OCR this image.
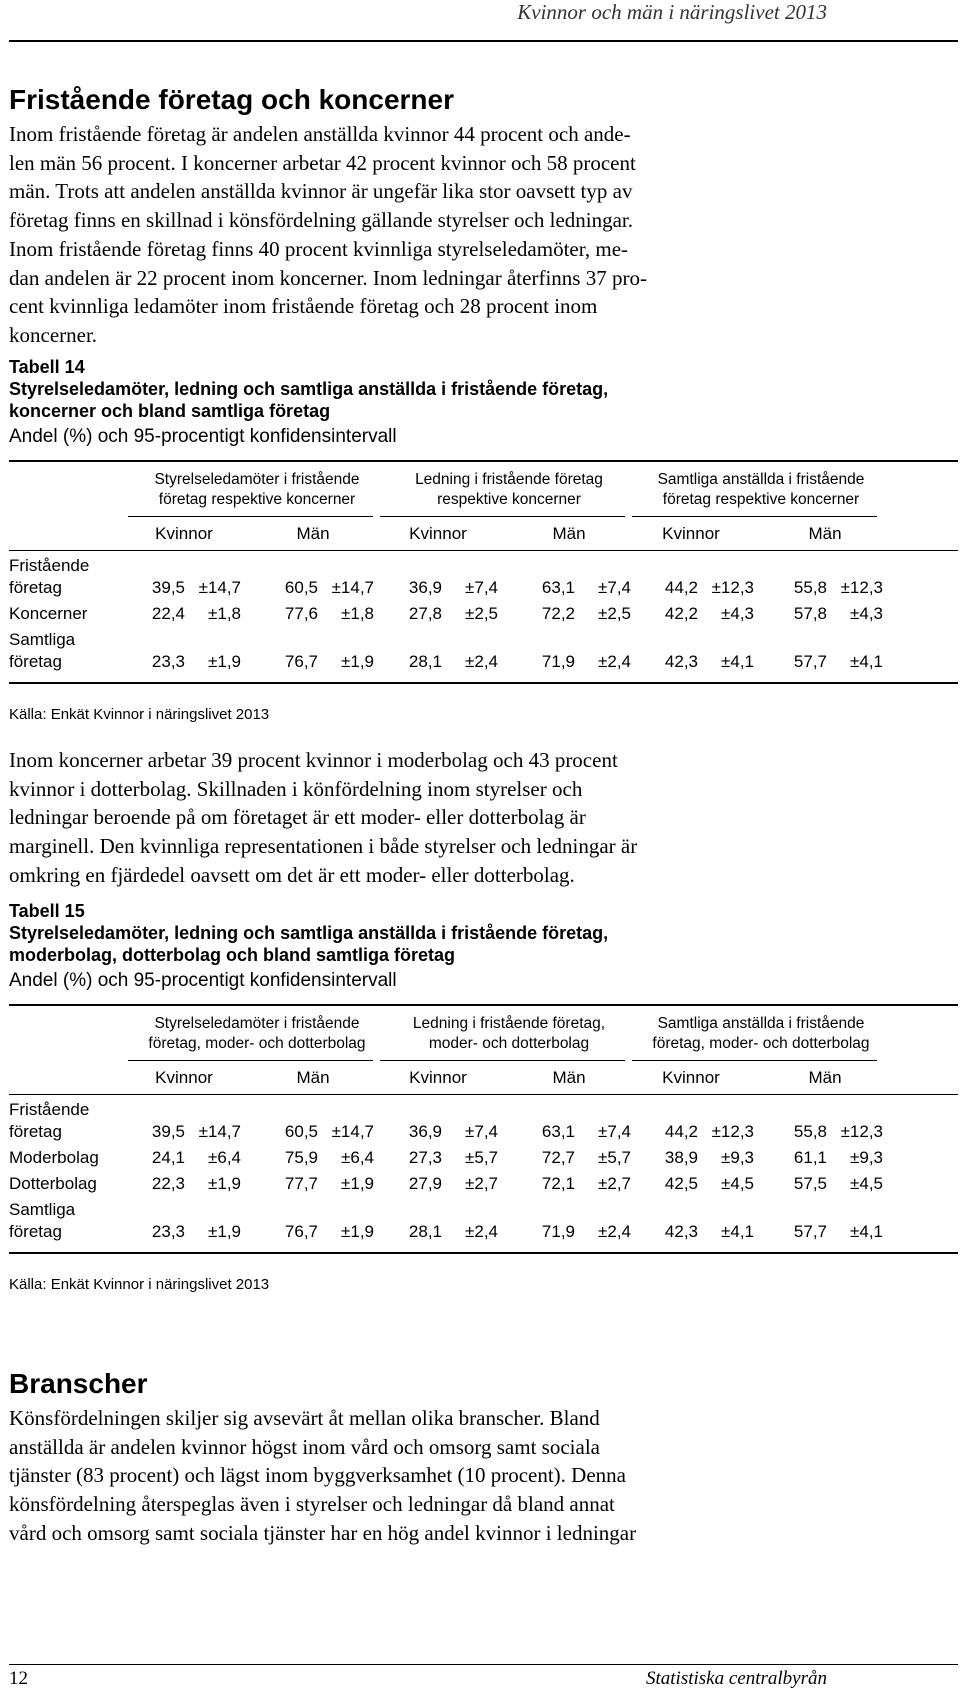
Kvinnor och män i näringslivet 2013
Fristående företag och koncerner
Inom fristående företag är andelen anställda kvinnor 44 procent och ande-
len män 56 procent. I koncerner arbetar 42 procent kvinnor och 58 procent
män. Trots att andelen anställda kvinnor är ungefär lika stor oavsett typ av
företag finns en skillnad i könsfördelning gällande styrelser och ledningar.
Inom fristående företag finns 40 procent kvinnliga styrelseledamöter, me-
dan andelen är 22 procent inom koncerner. Inom ledningar återfinns 37 pro-
cent kvinnliga ledamöter inom fristående företag och 28 procent inom
koncerner.
Tabell 14
Styrelseledamöter, ledning och samtliga anställda i fristående företag,
koncerner och bland samtliga företag
Andel (%) och 95-procentigt konfidensintervall
Styrelseledamöter i fristående
företag respektive koncerner
Ledning i fristående företag
respektive koncerner
Samtliga anställda i fristående
företag respektive koncerner
Kvinnor	Män	Kvinnor	Män	Kvinnor	Män
Fristående
företag	39,5 ±14,7	60,5 ±14,7	36,9	±7,4	63,1	±7,4	44,2 ±12,3	55,8 ±12,3
Koncerner	22,4	±1,8	77,6	±1,8	27,8	±2,5	72,2	±2,5	42,2	±4,3	57,8	±4,3
Samtliga
företag	23,3	±1,9	76,7	±1,9	28,1	±2,4	71,9	±2,4	42,3	±4,1	57,7	±4,1
Källa: Enkät Kvinnor i näringslivet 2013
Inom koncerner arbetar 39 procent kvinnor i moderbolag och 43 procent
kvinnor i dotterbolag. Skillnaden i könfördelning inom styrelser och
ledningar beroende på om företaget är ett moder- eller dotterbolag är
marginell. Den kvinnliga representationen i både styrelser och ledningar är
omkring en fjärdedel oavsett om det är ett moder- eller dotterbolag.
Tabell 15
Styrelseledamöter, ledning och samtliga anställda i fristående företag,
moderbolag, dotterbolag och bland samtliga företag
Andel (%) och 95-procentigt konfidensintervall
Styrelseledamöter i fristående
företag, moder- och dotterbolag
Ledning i fristående företag,
moder- och dotterbolag
Samtliga anställda i fristående
företag, moder- och dotterbolag
Kvinnor	Män	Kvinnor	Män	Kvinnor	Män
Fristående
företag	39,5 ±14,7	60,5 ±14,7	36,9	±7,4	63,1	±7,4	44,2 ±12,3	55,8 ±12,3
Moderbolag	24,1	±6,4	75,9	±6,4	27,3	±5,7	72,7	±5,7	38,9	±9,3	61,1	±9,3
Dotterbolag	22,3	±1,9	77,7	±1,9	27,9	±2,7	72,1	±2,7	42,5	±4,5	57,5	±4,5
Samtliga
företag	23,3	±1,9	76,7	±1,9	28,1	±2,4	71,9	±2,4	42,3	±4,1	57,7	±4,1
Källa: Enkät Kvinnor i näringslivet 2013
Branscher
Könsfördelningen skiljer sig avsevärt åt mellan olika branscher. Bland
anställda är andelen kvinnor högst inom vård och omsorg samt sociala
tjänster (83 procent) och lägst inom byggverksamhet (10 procent). Denna
könsfördelning återspeglas även i styrelser och ledningar då bland annat
vård och omsorg samt sociala tjänster har en hög andel kvinnor i ledningar
12	Statistiska centralbyrån
